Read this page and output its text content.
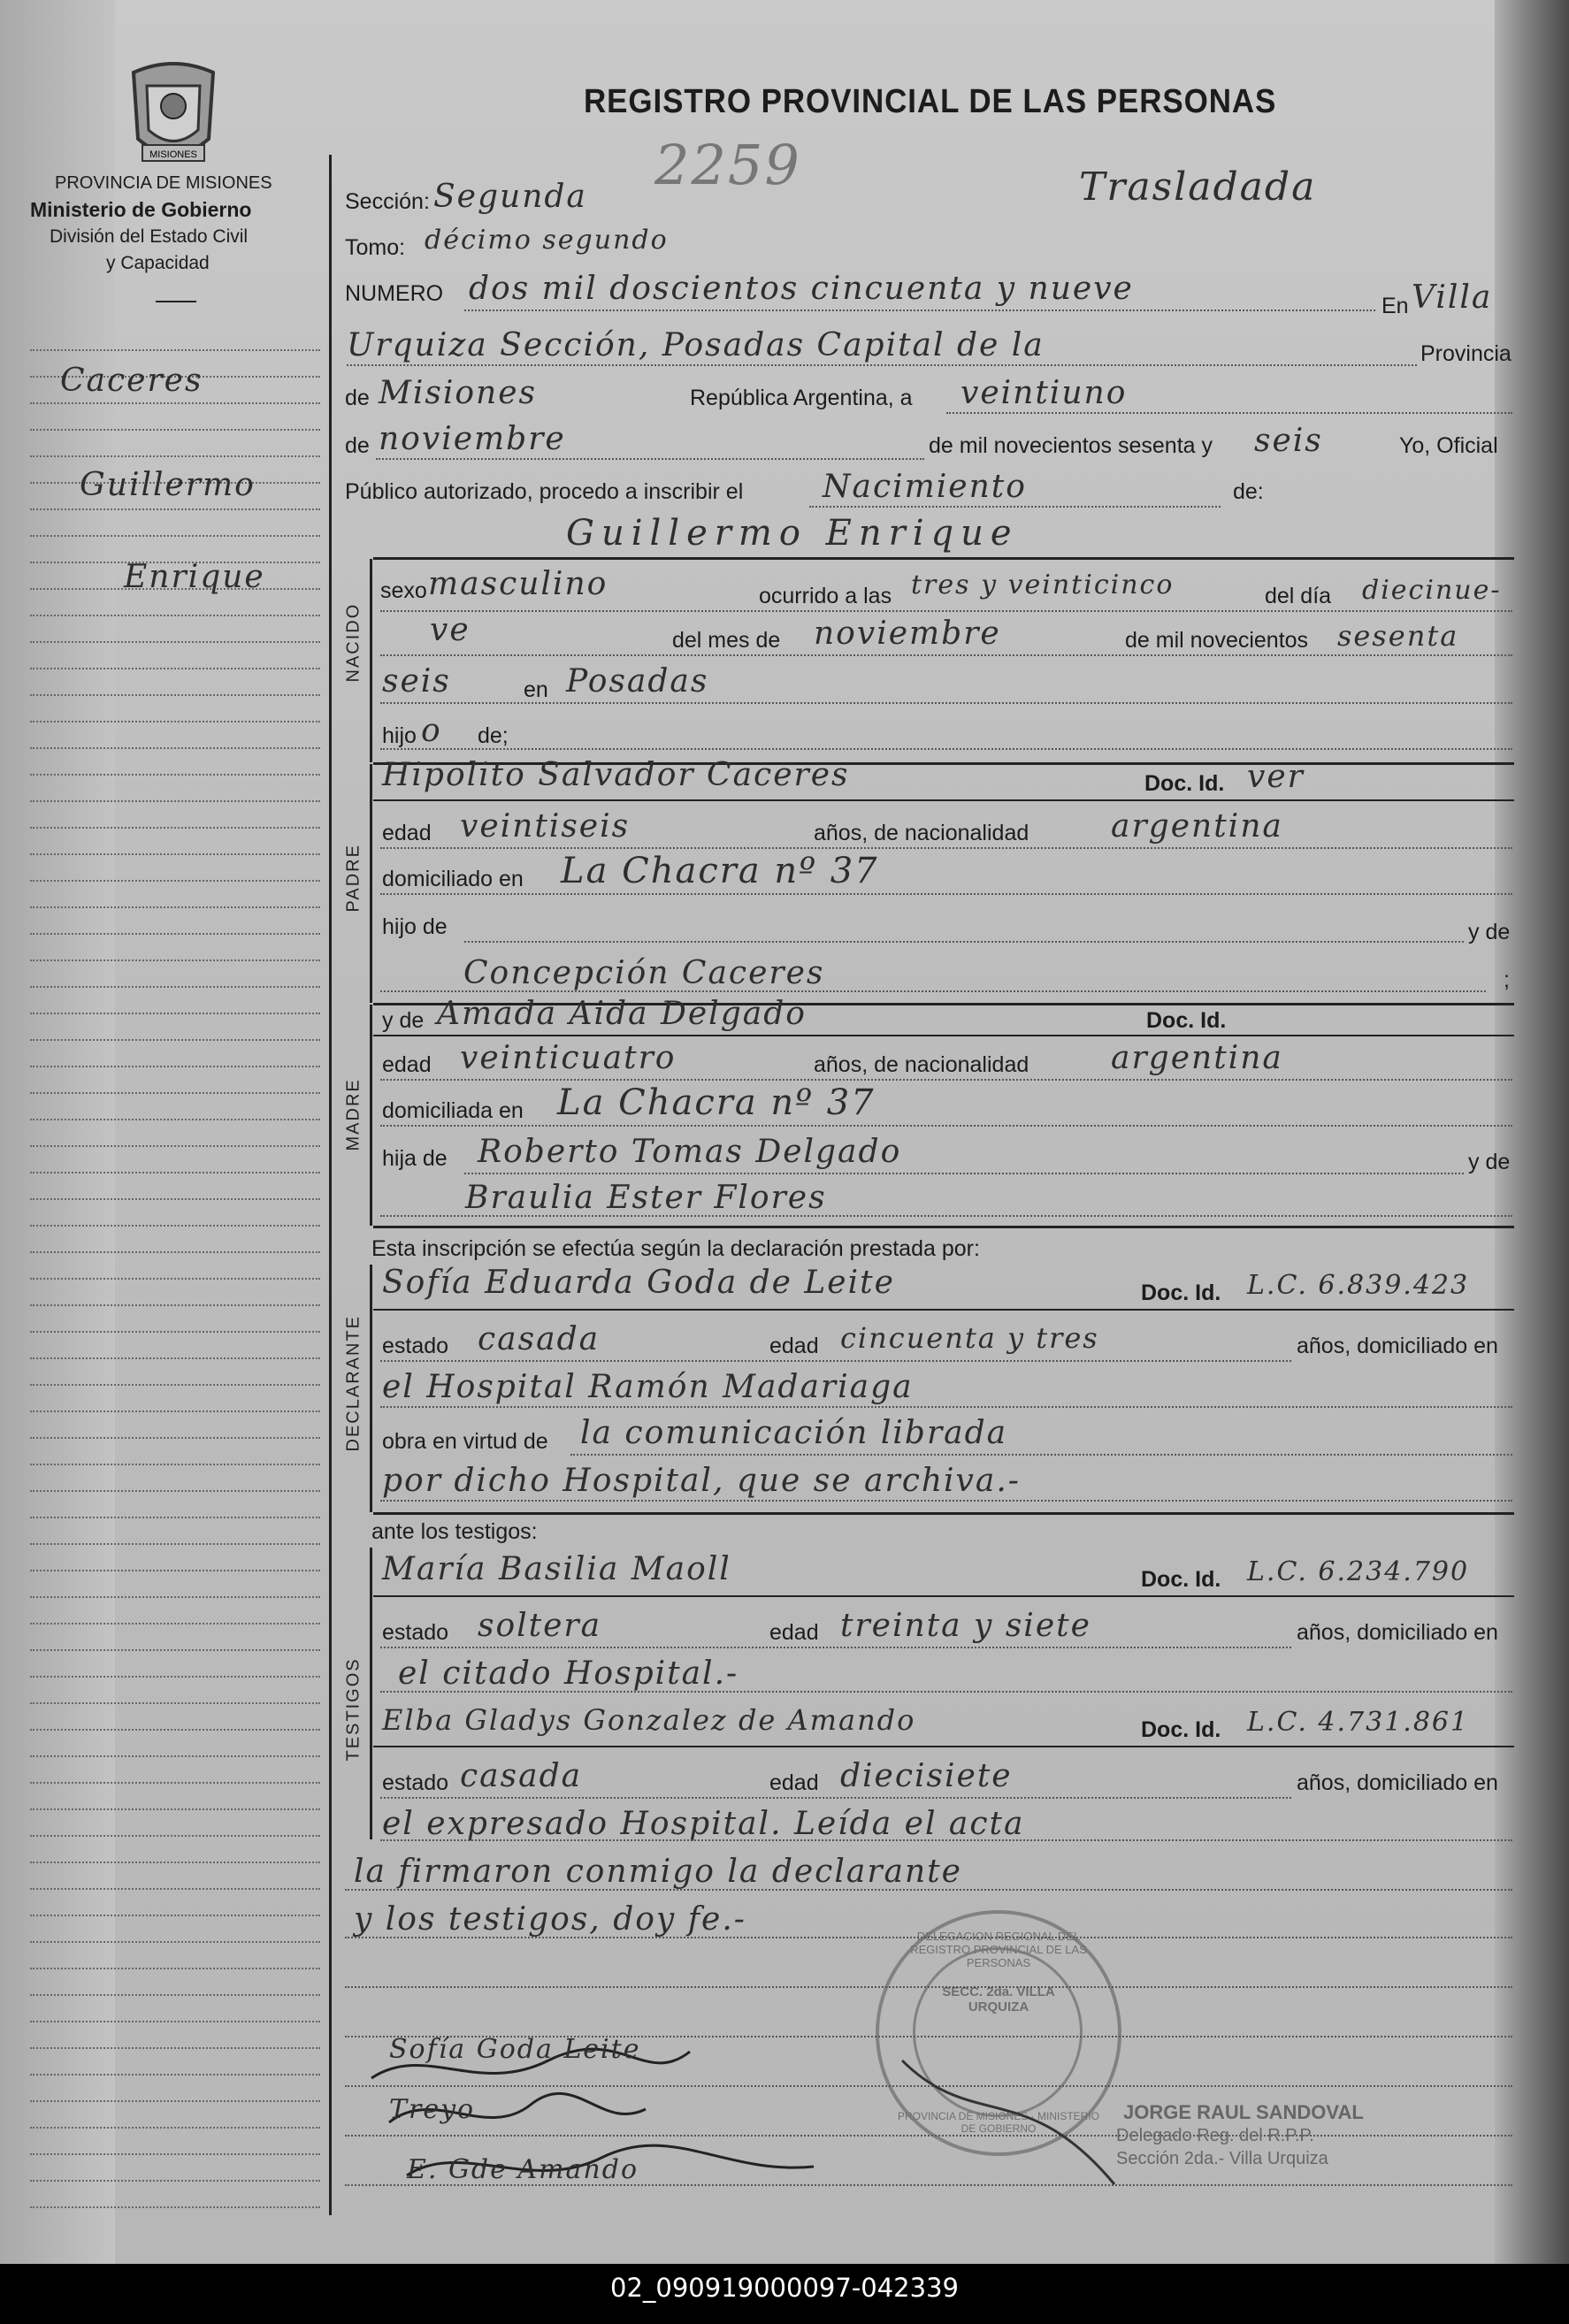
MISIONES
PROVINCIA DE MISIONES
Ministerio de Gobierno
División del Estado Civil
y Capacidad
Caceres
Guillermo
Enrique
REGISTRO PROVINCIAL DE LAS PERSONAS
Trasladada
2259
Sección: Segunda
Tomo: décimo segundo
NUMERO dos mil doscientos cincuenta y nueve	En Villa
Urquiza Sección, Posadas Capital de la	Provincia
de Misiones	República Argentina, a veintiuno
de noviembre	de mil novecientos sesenta y seis	Yo, Oficial
Público autorizado, procedo a inscribir el Nacimiento	de:
Guillermo Enrique
NACIDO
sexo masculino	ocurrido a las tres y veinticinco	del día diecinue-
ve	del mes de noviembre	de mil novecientos sesenta
seis	en Posadas
hijo o de;
PADRE
Hipolito Salvador Caceres	Doc. Id. ver
edad veintiseis	años, de nacionalidad	argentina
domiciliado en La Chacra nº 37
hijo de	y de
Concepción Caceres	;
MADRE
y de Amada Aida Delgado	Doc. Id.
edad veinticuatro	años, de nacionalidad	argentina
domiciliada en La Chacra nº 37
hija de Roberto Tomas Delgado	y de
Braulia Ester Flores
Esta inscripción se efectúa según la declaración prestada por:
DECLARANTE
Sofía Eduarda Goda de Leite	Doc. Id. L.C. 6.839.423
estado casada	edad cincuenta y tres	años, domiciliado en
el Hospital Ramón Madariaga
obra en virtud de la comunicación librada
por dicho Hospital, que se archiva.-
ante los testigos:
TESTIGOS
María Basilia Maoll	Doc. Id. L.C. 6.234.790
estado soltera	edad treinta y siete	años, domiciliado en
el citado Hospital.-
Elba Gladys Gonzalez de Amando	Doc. Id. L.C. 4.731.861
estado casada	edad diecisiete	años, domiciliado en
el expresado Hospital. Leída el acta
la firmaron conmigo la declarante
y los testigos, doy fe.-	DELEGACION REGIONAL DEL REGISTRO PROVINCIAL DE LAS PERSONAS
SECC. 2da. VILLA URQUIZA
PROVINCIA DE MISIONES · MINISTERIO DE GOBIERNO
JORGE RAUL SANDOVAL
Delegado Reg. del R.P.P.
Sección 2da.- Villa Urquiza
Sofía Goda Leite
Treyo
E. Gde Amando
02_090919000097-042339
